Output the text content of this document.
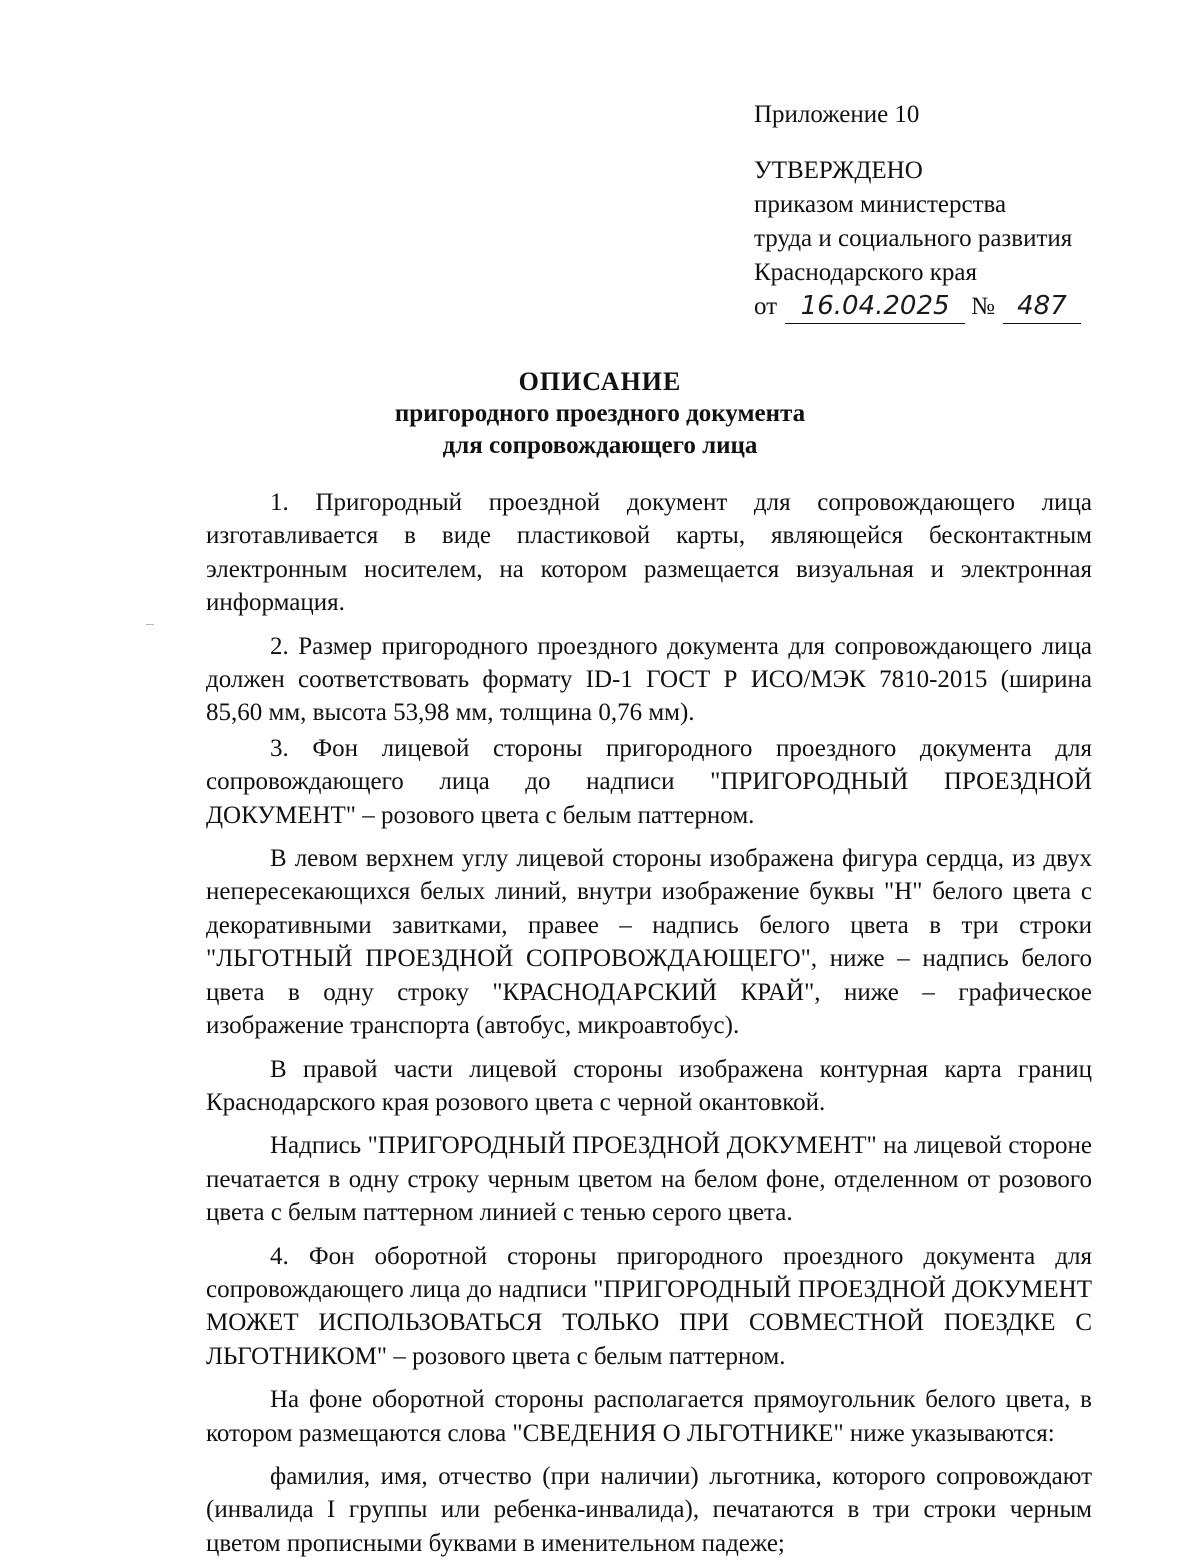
Приложение 10
УТВЕРЖДЕНО
приказом министерства
труда и социального развития
Краснодарского края
от 16.04.2025 № 487
ОПИСАНИЕ
пригородного проездного документа
для сопровождающего лица

1. Пригородный проездной документ для сопровождающего лица изготавливается в виде пластиковой карты, являющейся бесконтактным электронным носителем, на котором размещается визуальная и электронная информация.

2. Размер пригородного проездного документа для сопровождающего лица должен соответствовать формату ID-1 ГОСТ Р ИСО/МЭК 7810-2015 (ширина 85,60 мм, высота 53,98 мм, толщина 0,76 мм).

3. Фон лицевой стороны пригородного проездного документа для сопровождающего лица до надписи "ПРИГОРОДНЫЙ ПРОЕЗДНОЙ ДОКУМЕНТ" – розового цвета с белым паттерном.

В левом верхнем углу лицевой стороны изображена фигура сердца, из двух непересекающихся белых линий, внутри изображение буквы "Н" белого цвета с декоративными завитками, правее – надпись белого цвета в три строки "ЛЬГОТНЫЙ ПРОЕЗДНОЙ СОПРОВОЖДАЮЩЕГО", ниже – надпись белого цвета в одну строку "КРАСНОДАРСКИЙ КРАЙ", ниже – графическое изображение транспорта (автобус, микроавтобус).

В правой части лицевой стороны изображена контурная карта границ Краснодарского края розового цвета с черной окантовкой.

Надпись "ПРИГОРОДНЫЙ ПРОЕЗДНОЙ ДОКУМЕНТ" на лицевой стороне печатается в одну строку черным цветом на белом фоне, отделенном от розового цвета с белым паттерном линией с тенью серого цвета.

4. Фон оборотной стороны пригородного проездного документа для сопровождающего лица до надписи "ПРИГОРОДНЫЙ ПРОЕЗДНОЙ ДОКУМЕНТ МОЖЕТ ИСПОЛЬЗОВАТЬСЯ ТОЛЬКО ПРИ СОВМЕСТНОЙ ПОЕЗДКЕ С ЛЬГОТНИКОМ" – розового цвета с белым паттерном.

На фоне оборотной стороны располагается прямоугольник белого цвета, в котором размещаются слова "СВЕДЕНИЯ О ЛЬГОТНИКЕ" ниже указываются:

фамилия, имя, отчество (при наличии) льготника, которого сопровождают (инвалида I группы или ребенка-инвалида), печатаются в три строки черным цветом прописными буквами в именительном падеже;
